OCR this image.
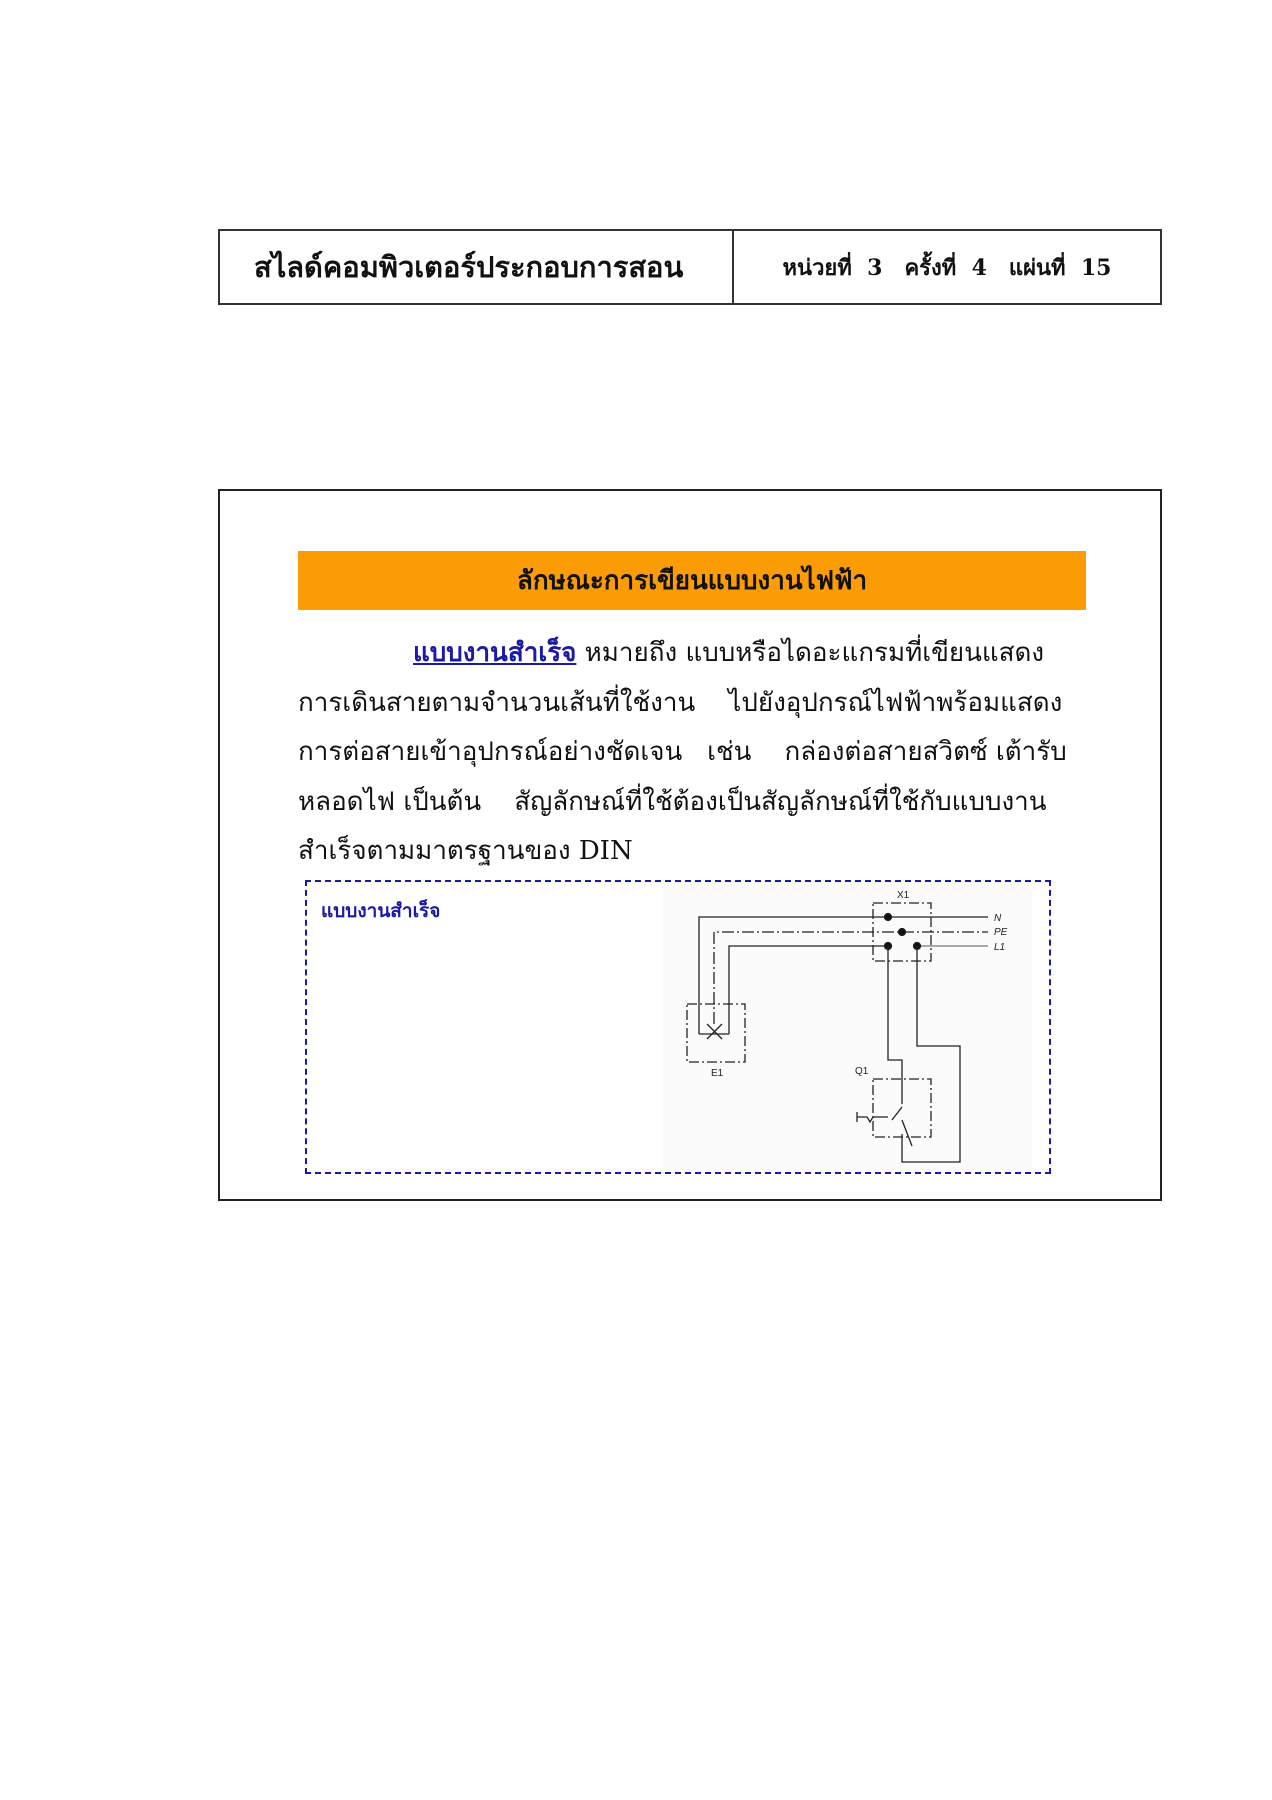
สไลด์คอมพิวเตอร์ประกอบการสอน	หน่วยที่ 3 ครั้งที่ 4 แผ่นที่ 15
ลักษณะการเขียนแบบงานไฟฟ้า
แบบงานสำเร็จ หมายถึง แบบหรือไดอะแกรมที่เขียนแสดง
การเดินสายตามจำนวนเส้นที่ใช้งาน    ไปยังอุปกรณ์ไฟฟ้าพร้อมแสดง
การต่อสายเข้าอุปกรณ์อย่างชัดเจน   เช่น    กล่องต่อสายสวิตซ์ เต้ารับ
หลอดไฟ เป็นต้น    สัญลักษณ์ที่ใช้ต้องเป็นสัญลักษณ์ที่ใช้กับแบบงาน
สำเร็จตามมาตรฐานของ DIN
แบบงานสำเร็จ
X1
N
PE
L1
E1	Q1
